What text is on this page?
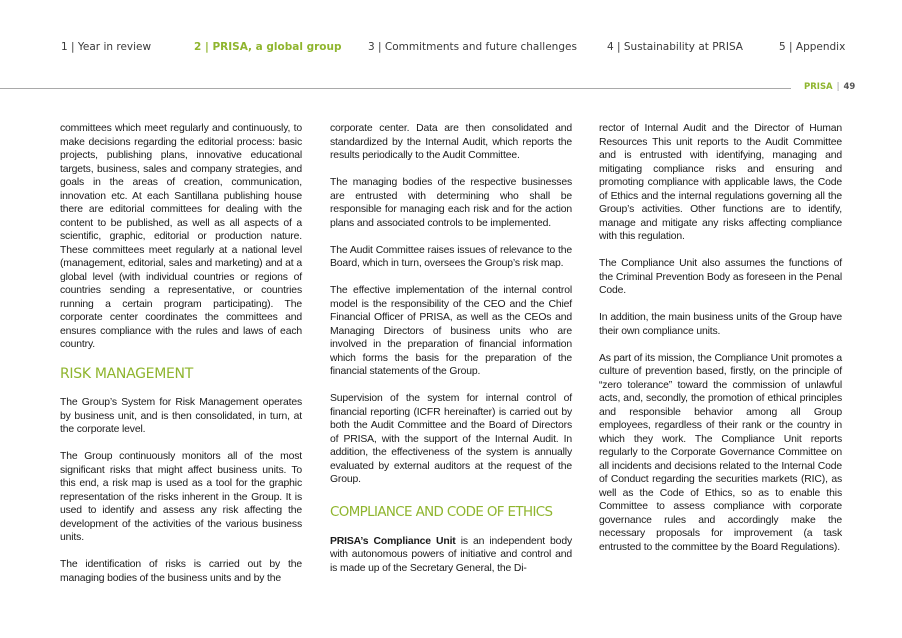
1 | Year in review	2 | PRISA, a global group	3 | Commitments and future challenges	4 | Sustainability at PRISA	5 | Appendix
PRISA | 49

committees which meet regularly and continuously, to make decisions regarding the editorial process: basic projects, publishing plans, innovative educational targets, business, sales and company strategies, and goals in the areas of creation, communication, innovation etc. At each Santillana publishing house there are editorial committees for dealing with the content to be published, as well as all aspects of a scientific, graphic, editorial or production nature. These committees meet regularly at a national level (management, editorial, sales and marketing) and at a global level (with individual countries or regions of countries sending a representative, or countries running a certain program participating). The corporate center coordinates the committees and ensures compliance with the rules and laws of each country.

RISK MANAGEMENT

The Group’s System for Risk Management operates by business unit, and is then consolidated, in turn, at the corporate level.

The Group continuously monitors all of the most significant risks that might affect business units. To this end, a risk map is used as a tool for the graphic representation of the risks inherent in the Group. It is used to identify and assess any risk affecting the development of the activities of the various business units.

The identification of risks is carried out by the managing bodies of the business units and by the

corporate center. Data are then consolidated and standardized by the Internal Audit, which reports the results periodically to the Audit Committee.

The managing bodies of the respective businesses are entrusted with determining who shall be responsible for managing each risk and for the action plans and associated controls to be implemented.

The Audit Committee raises issues of relevance to the Board, which in turn, oversees the Group’s risk map.

The effective implementation of the internal control model is the responsibility of the CEO and the Chief Financial Officer of PRISA, as well as the CEOs and Managing Directors of business units who are involved in the preparation of financial information which forms the basis for the preparation of the financial statements of the Group.

Supervision of the system for internal control of financial reporting (ICFR hereinafter) is carried out by both the Audit Committee and the Board of Directors of PRISA, with the support of the Internal Audit. In addition, the effectiveness of the system is annually evaluated by external auditors at the request of the Group.

COMPLIANCE AND CODE OF ETHICS

PRISA’s Compliance Unit is an independent body with autonomous powers of initiative and control and is made up of the Secretary General, the Di-

rector of Internal Audit and the Director of Human Resources This unit reports to the Audit Committee and is entrusted with identifying, managing and mitigating compliance risks and ensuring and promoting compliance with applicable laws, the Code of Ethics and the internal regulations governing all the Group’s activities. Other functions are to identify, manage and mitigate any risks affecting compliance with this regulation.

The Compliance Unit also assumes the functions of the Criminal Prevention Body as foreseen in the Penal Code.

In addition, the main business units of the Group have their own compliance units.

As part of its mission, the Compliance Unit promotes a culture of prevention based, firstly, on the principle of “zero tolerance” toward the commission of unlawful acts, and, secondly, the promotion of ethical principles and responsible behavior among all Group employees, regardless of their rank or the country in which they work. The Compliance Unit reports regularly to the Corporate Governance Committee on all incidents and decisions related to the Internal Code of Conduct regarding the securities markets (RIC), as well as the Code of Ethics, so as to enable this Committee to assess compliance with corporate governance rules and accordingly make the necessary proposals for improvement (a task entrusted to the committee by the Board Regulations).
